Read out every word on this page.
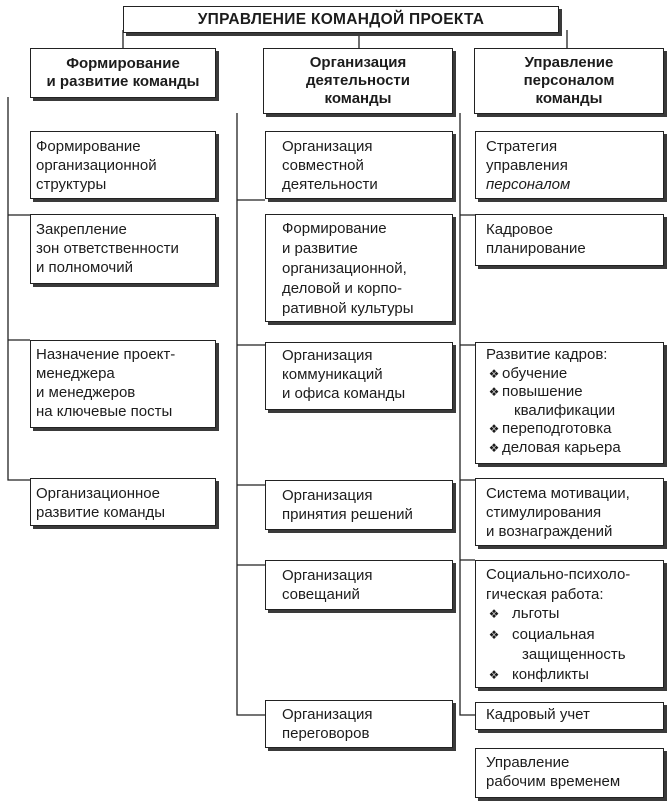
УПРАВЛЕНИЕ КОМАНДОЙ ПРОЕКТА
Формирование
и развитие команды
Формирование
организационной
структуры
Закрепление
зон ответственности
и полномочий
Назначение проект-
менеджера
и менеджеров
на ключевые посты
Организационное
развитие команды
Организация
деятельности
команды
Организация
совместной
деятельности
Формирование
и развитие
организационной,
деловой и корпо-
ративной культуры
Организация
коммуникаций
и офиса команды
Организация
принятия решений
Организация
совещаний
Организация
переговоров
Управление
персоналом
команды
Стратегия
управления
персоналом
Кадровое
планирование
Развитие кадров:
❖ обучение
❖ повышение
квалификации
❖ переподготовка
❖ деловая карьера
Система мотивации,
стимулирования
и вознаграждений
Социально-психоло-
гическая работа:
❖ льготы
❖ социальная
защищенность
❖ конфликты
Кадровый учет
Управление
рабочим временем
